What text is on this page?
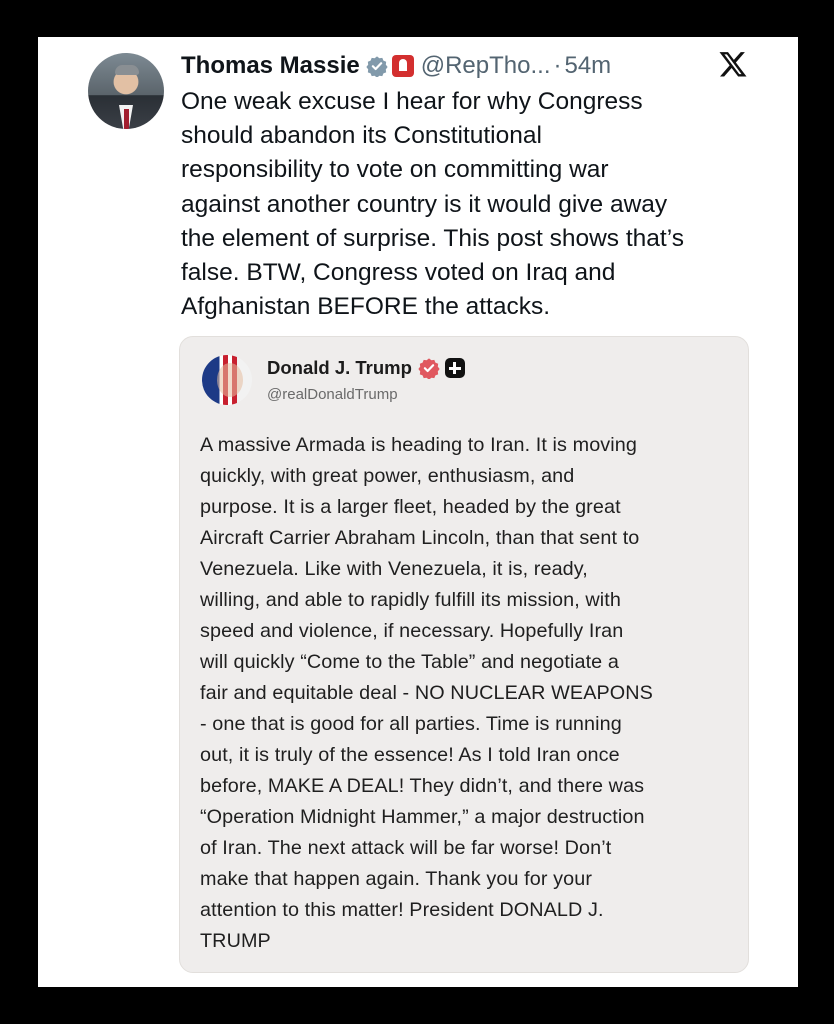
Thomas Massie	@RepTho... · 54m
One weak excuse I hear for why Congress
should abandon its Constitutional
responsibility to vote on committing war
against another country is it would give away
the element of surprise. This post shows that’s
false. BTW, Congress voted on Iraq and
Afghanistan BEFORE the attacks.
Donald J. Trump
@realDonaldTrump
A massive Armada is heading to Iran. It is moving
quickly, with great power, enthusiasm, and
purpose. It is a larger fleet, headed by the great
Aircraft Carrier Abraham Lincoln, than that sent to
Venezuela. Like with Venezuela, it is, ready,
willing, and able to rapidly fulfill its mission, with
speed and violence, if necessary. Hopefully Iran
will quickly “Come to the Table” and negotiate a
fair and equitable deal - NO NUCLEAR WEAPONS
- one that is good for all parties. Time is running
out, it is truly of the essence! As I told Iran once
before, MAKE A DEAL! They didn’t, and there was
“Operation Midnight Hammer,” a major destruction
of Iran. The next attack will be far worse! Don’t
make that happen again. Thank you for your
attention to this matter! President DONALD J.
TRUMP
